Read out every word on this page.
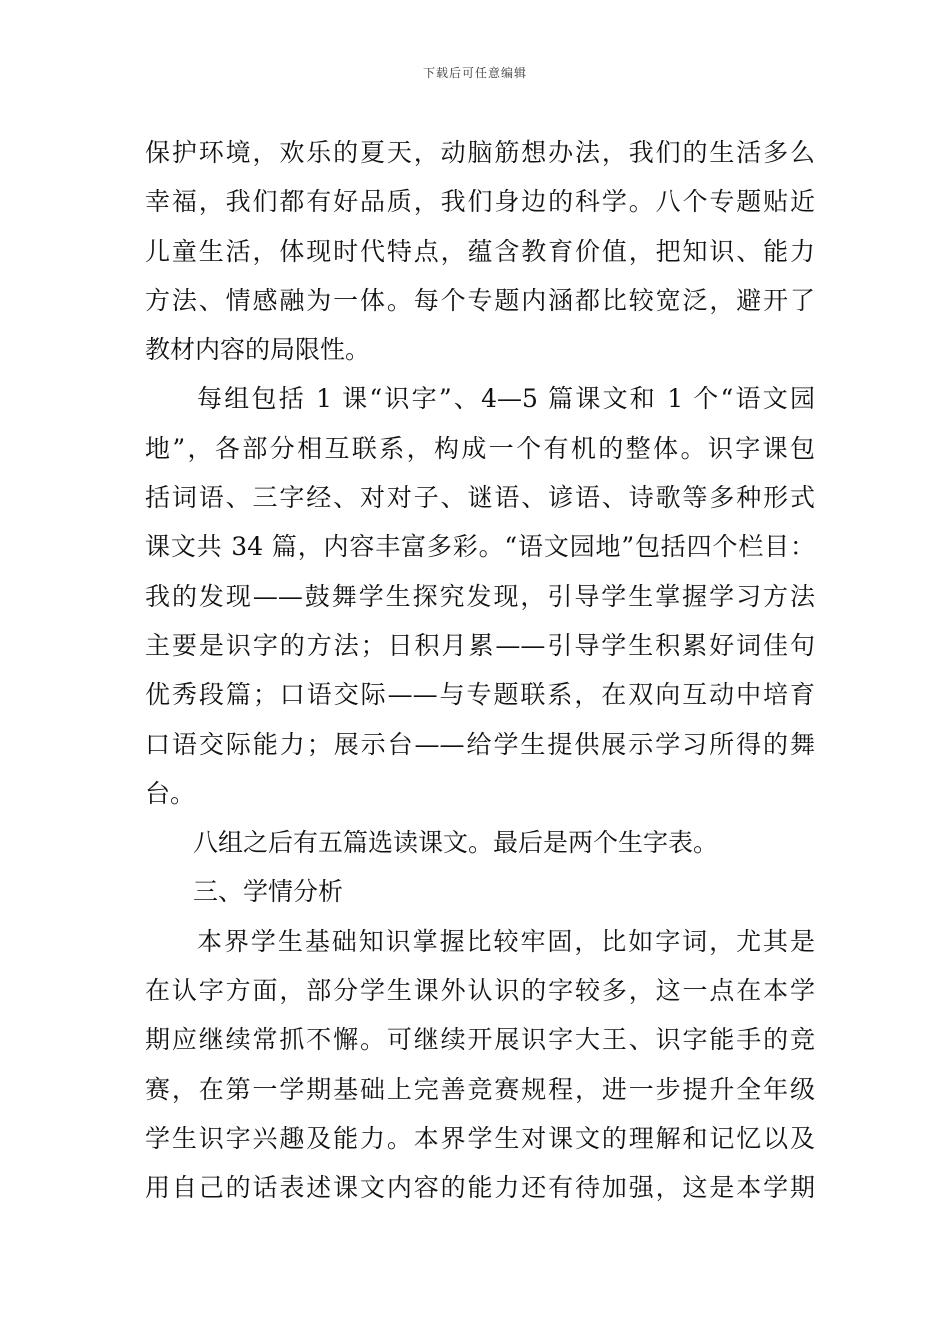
下载后可任意编辑
保护环境，欢乐的夏天，动脑筋想办法，我们的生活多么
幸福，我们都有好品质，我们身边的科学。八个专题贴近
儿童生活，体现时代特点，蕴含教育价值，把知识、能力
方法、情感融为一体。每个专题内涵都比较宽泛，避开了
教材内容的局限性。
每组包括 1 课“识字”、4—5 篇课文和 1 个“语文园
地”，各部分相互联系，构成一个有机的整体。识字课包
括词语、三字经、对对子、谜语、谚语、诗歌等多种形式
课文共 34 篇，内容丰富多彩。“语文园地”包括四个栏目：
我的发现——鼓舞学生探究发现，引导学生掌握学习方法
主要是识字的方法；日积月累——引导学生积累好词佳句
优秀段篇；口语交际——与专题联系，在双向互动中培育
口语交际能力；展示台——给学生提供展示学习所得的舞
台。
八组之后有五篇选读课文。最后是两个生字表。
三、学情分析
本界学生基础知识掌握比较牢固，比如字词，尤其是
在认字方面，部分学生课外认识的字较多，这一点在本学
期应继续常抓不懈。可继续开展识字大王、识字能手的竞
赛，在第一学期基础上完善竞赛规程，进一步提升全年级
学生识字兴趣及能力。本界学生对课文的理解和记忆以及
用自己的话表述课文内容的能力还有待加强，这是本学期
